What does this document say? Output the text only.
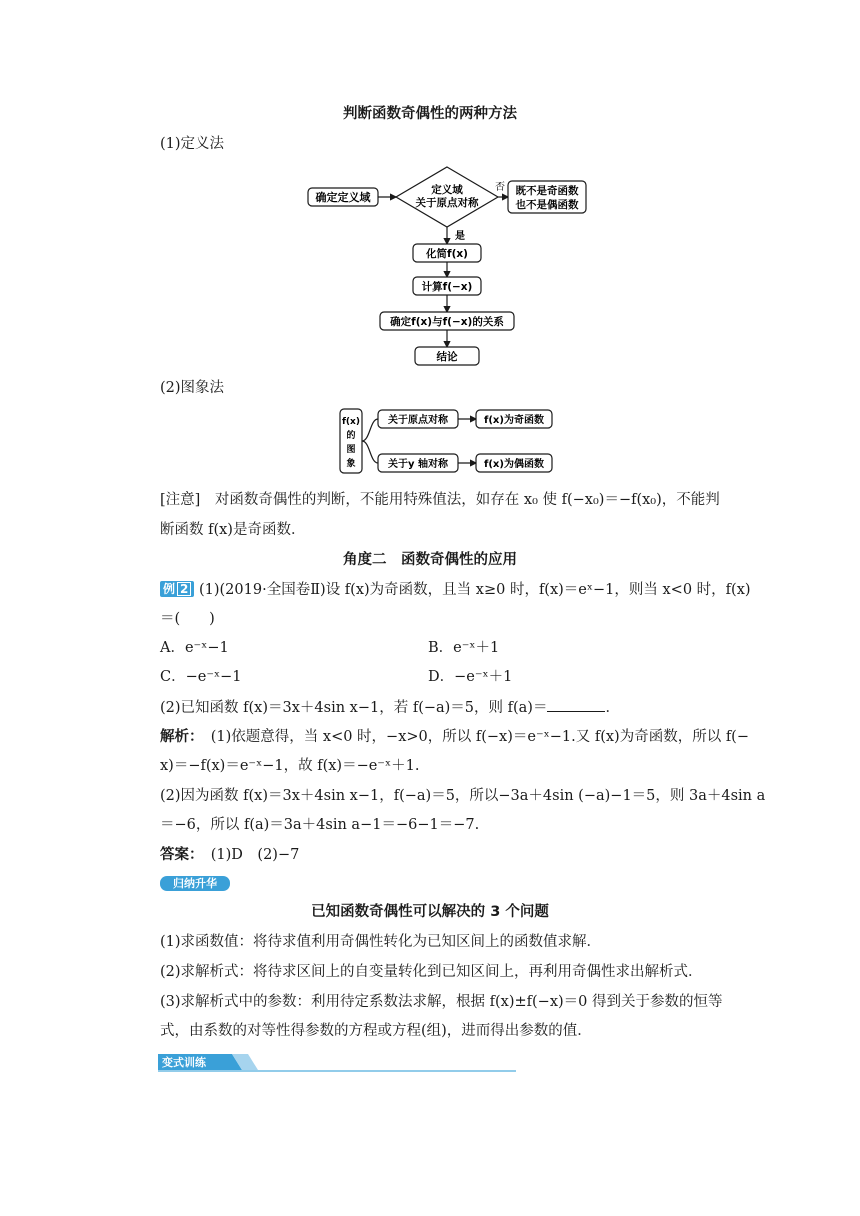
判断函数奇偶性的两种方法
(1)定义法
确定定义域
定义域
关于原点对称
否 既不是奇函数
也不是偶函数
是
化简f(x)
计算f(−x)
确定f(x)与f(−x)的关系
结论
(2)图象法
f(x)
的
图
象
关于原点对称	f(x)为奇函数
关于y 轴对称	f(x)为偶函数
[注意]　对函数奇偶性的判断，不能用特殊值法，如存在 x₀ 使 f(−x₀)＝−f(x₀)，不能判
断函数 f(x)是奇函数．
角度二　函数奇偶性的应用
例 2 (1)(2019·全国卷Ⅱ)设 f(x)为奇函数，且当 x≥0 时，f(x)＝eˣ−1，则当 x<0 时，f(x)
＝(　　)
A．e⁻ˣ−1	B．e⁻ˣ＋1
C．−e⁻ˣ−1	D．−e⁻ˣ＋1
(2)已知函数 f(x)＝3x＋4sin x−1，若 f(−a)＝5，则 f(a)＝	．
解析：　(1)依题意得，当 x<0 时，−x>0，所以 f(−x)＝e⁻ˣ−1.又 f(x)为奇函数，所以 f(−
x)＝−f(x)＝e⁻ˣ−1，故 f(x)＝−e⁻ˣ＋1.
(2)因为函数 f(x)＝3x＋4sin x−1，f(−a)＝5，所以−3a＋4sin (−a)−1＝5，则 3a＋4sin a
＝−6，所以 f(a)＝3a＋4sin a−1＝−6−1＝−7.
答案：　(1)D　(2)−7
归纳升华
已知函数奇偶性可以解决的 3 个问题
(1)求函数值：将待求值利用奇偶性转化为已知区间上的函数值求解．
(2)求解析式：将待求区间上的自变量转化到已知区间上，再利用奇偶性求出解析式．
(3)求解析式中的参数：利用待定系数法求解，根据 f(x)±f(−x)＝0 得到关于参数的恒等
式，由系数的对等性得参数的方程或方程(组)，进而得出参数的值．
变式训练
